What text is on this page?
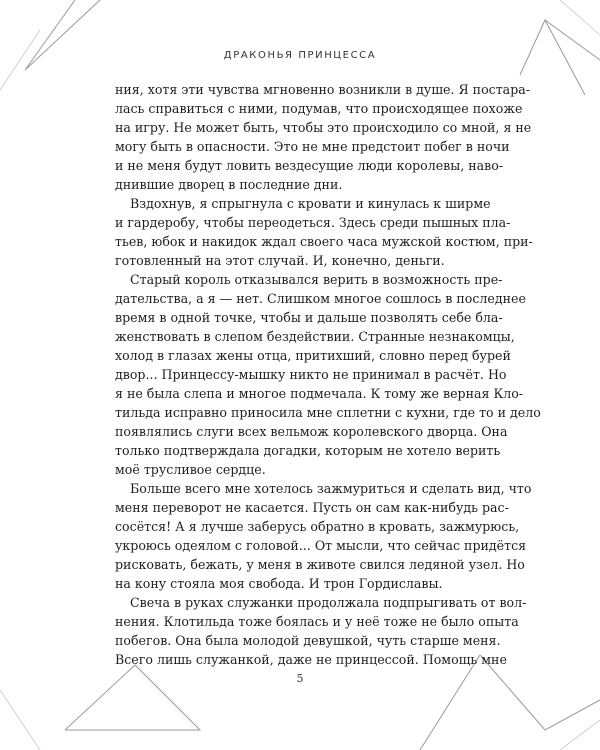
ДРАКОНЬЯ ПРИНЦЕССА
ния, хотя эти чувства мгновенно возникли в душе. Я постара-
лась справиться с ними, подумав, что происходящее похоже
на игру. Не может быть, чтобы это происходило со мной, я не
могу быть в опасности. Это не мне предстоит побег в ночи
и не меня будут ловить вездесущие люди королевы, наво-
днившие дворец в последние дни.
Вздохнув, я спрыгнула с кровати и кинулась к ширме
и гардеробу, чтобы переодеться. Здесь среди пышных пла-
тьев, юбок и накидок ждал своего часа мужской костюм, при-
готовленный на этот случай. И, конечно, деньги.
Старый король отказывался верить в возможность пре-
дательства, а я — нет. Слишком многое сошлось в последнее
время в одной точке, чтобы и дальше позволять себе бла-
женствовать в слепом бездействии. Странные незнакомцы,
холод в глазах жены отца, притихший, словно перед бурей
двор... Принцессу-мышку никто не принимал в расчёт. Но
я не была слепа и многое подмечала. К тому же верная Кло-
тильда исправно приносила мне сплетни с кухни, где то и дело
появлялись слуги всех вельмож королевского дворца. Она
только подтверждала догадки, которым не хотело верить
моё трусливое сердце.
Больше всего мне хотелось зажмуриться и сделать вид, что
меня переворот не касается. Пусть он сам как-нибудь рас-
сосётся! А я лучше заберусь обратно в кровать, зажмурюсь,
укроюсь одеялом с головой... От мысли, что сейчас придётся
рисковать, бежать, у меня в животе свился ледяной узел. Но
на кону стояла моя свобода. И трон Гордиславы.
Свеча в руках служанки продолжала подпрыгивать от вол-
нения. Клотильда тоже боялась и у неё тоже не было опыта
побегов. Она была молодой девушкой, чуть старше меня.
Всего лишь служанкой, даже не принцессой. Помощь мне
5
